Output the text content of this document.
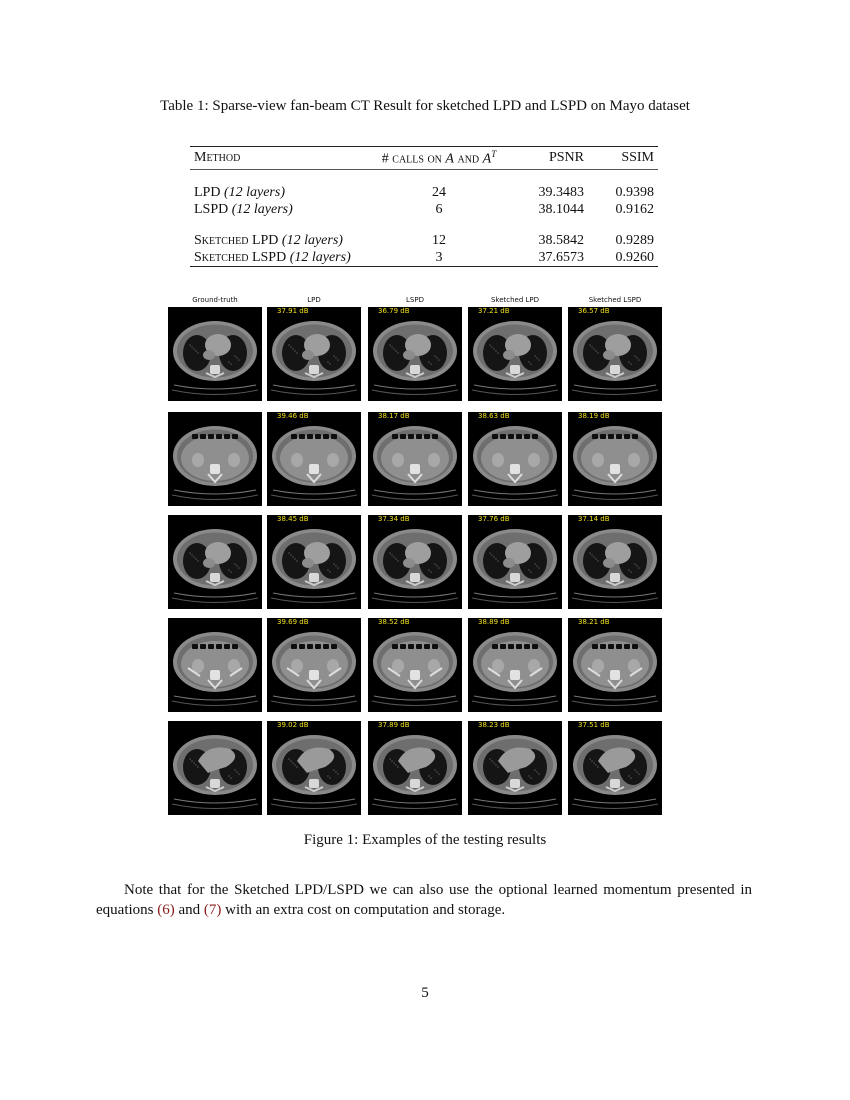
Table 1: Sparse-view fan-beam CT Result for sketched LPD and LSPD on Mayo dataset
Method	# calls on A and $A^T$	PSNR	SSIM

LPD (12 layers)	24	39.3483	0.9398
LSPD (12 layers)	6	38.1044	0.9162

Sketched LPD (12 layers)	12	38.5842	0.9289
Sketched LSPD (12 layers)	3	37.6573	0.9260
Ground-truth	LPD	LSPD	Sketched LPD	Sketched LSPD
37.91 dB	36.79 dB	37.21 dB	36.57 dB
39.46 dB	38.17 dB	38.63 dB	38.19 dB
38.45 dB	37.34 dB	37.76 dB	37.14 dB
39.69 dB	38.52 dB	38.89 dB	38.21 dB
39.02 dB	37.89 dB	38.23 dB	37.51 dB
Figure 1: Examples of the testing results

Note that for the Sketched LPD/LSPD we can also use the optional learned momentum presented in equations (6) and (7) with an extra cost on computation and storage.

5
